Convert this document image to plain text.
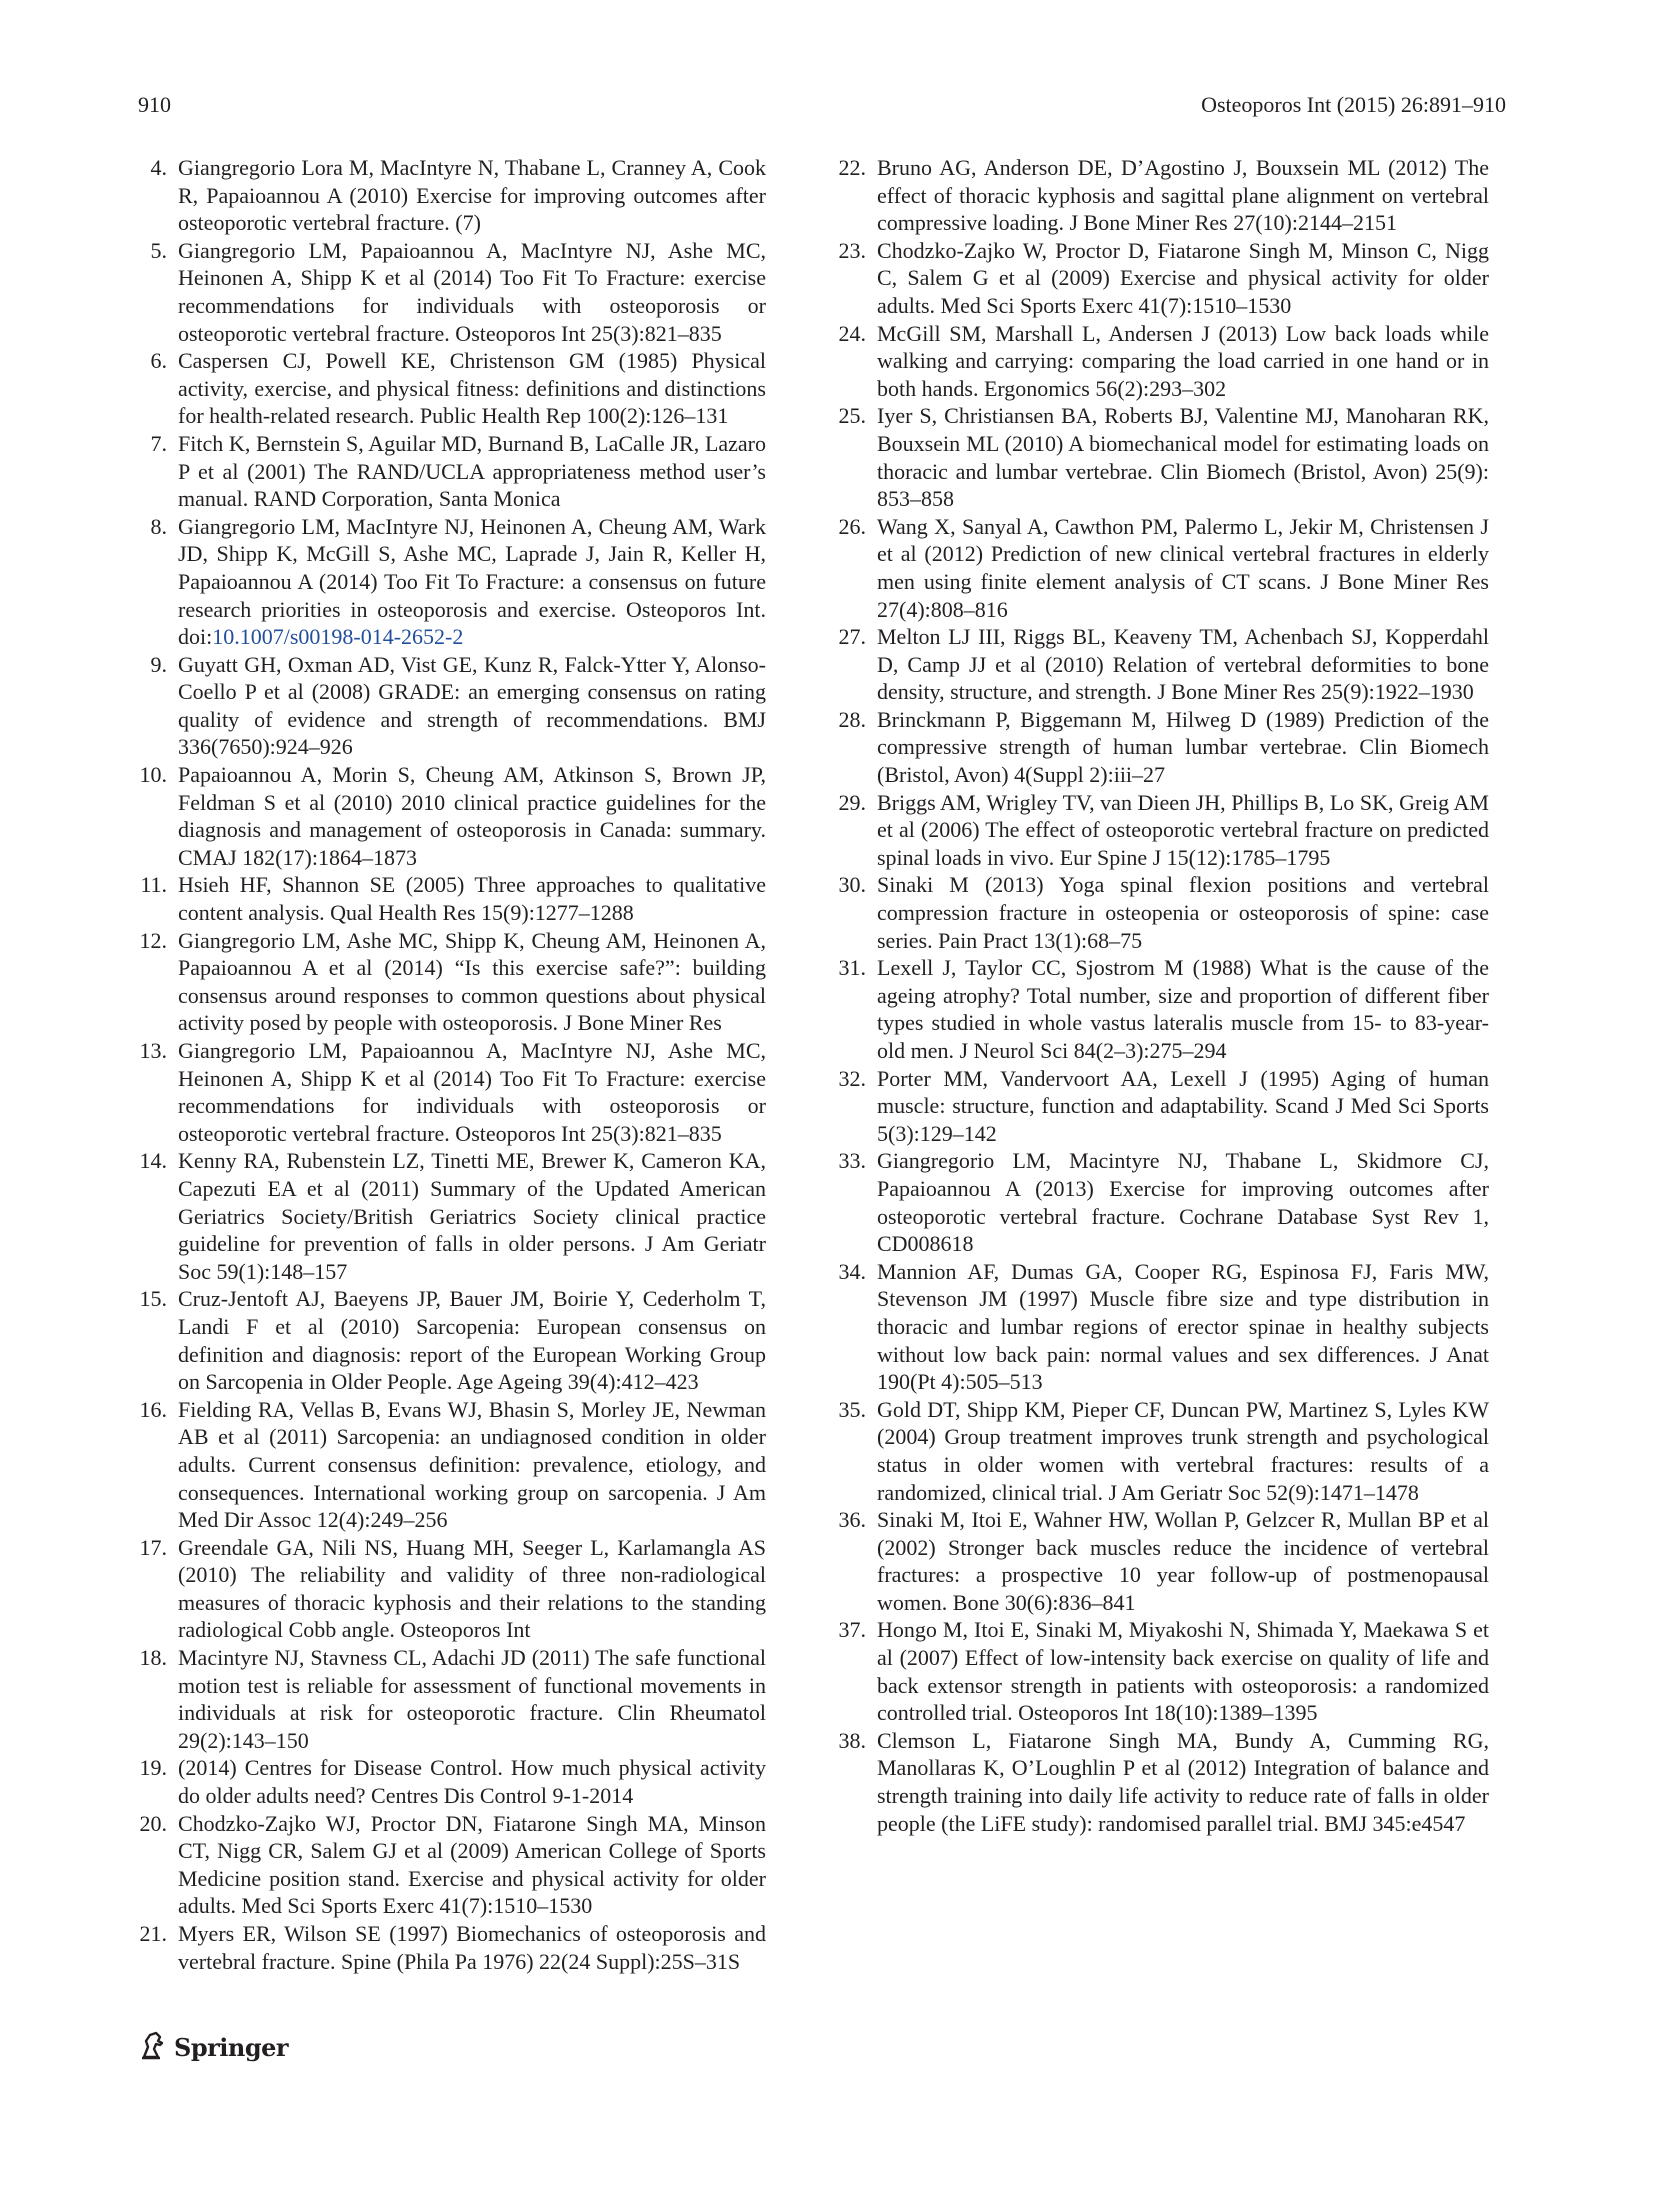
910	Osteoporos Int (2015) 26:891–910
4. Giangregorio Lora M, MacIntyre N, Thabane L, Cranney A, Cook R, Papaioannou A (2010) Exercise for improving outcomes after osteoporotic vertebral fracture. (7)
5. Giangregorio LM, Papaioannou A, MacIntyre NJ, Ashe MC, Heinonen A, Shipp K et al (2014) Too Fit To Fracture: exercise recommendations for individuals with osteoporosis or osteoporotic vertebral fracture. Osteoporos Int 25(3):821–835
6. Caspersen CJ, Powell KE, Christenson GM (1985) Physical activity, exercise, and physical fitness: definitions and distinctions for health-related research. Public Health Rep 100(2):126–131
7. Fitch K, Bernstein S, Aguilar MD, Burnand B, LaCalle JR, Lazaro P et al (2001) The RAND/UCLA appropriateness method user’s manual. RAND Corporation, Santa Monica
8. Giangregorio LM, MacIntyre NJ, Heinonen A, Cheung AM, Wark JD, Shipp K, McGill S, Ashe MC, Laprade J, Jain R, Keller H, Papaioannou A (2014) Too Fit To Fracture: a consensus on future research priorities in osteoporosis and exercise. Osteoporos Int. doi:10.1007/s00198-014-2652-2
9. Guyatt GH, Oxman AD, Vist GE, Kunz R, Falck-Ytter Y, Alonso-Coello P et al (2008) GRADE: an emerging consensus on rating quality of evidence and strength of recommendations. BMJ 336(7650):924–926
10. Papaioannou A, Morin S, Cheung AM, Atkinson S, Brown JP, Feldman S et al (2010) 2010 clinical practice guidelines for the diagnosis and management of osteoporosis in Canada: summary. CMAJ 182(17):1864–1873
11. Hsieh HF, Shannon SE (2005) Three approaches to qualitative content analysis. Qual Health Res 15(9):1277–1288
12. Giangregorio LM, Ashe MC, Shipp K, Cheung AM, Heinonen A, Papaioannou A et al (2014) “Is this exercise safe?”: building consensus around responses to common questions about physical activity posed by people with osteoporosis. J Bone Miner Res
13. Giangregorio LM, Papaioannou A, MacIntyre NJ, Ashe MC, Heinonen A, Shipp K et al (2014) Too Fit To Fracture: exercise recommendations for individuals with osteoporosis or osteoporotic vertebral fracture. Osteoporos Int 25(3):821–835
14. Kenny RA, Rubenstein LZ, Tinetti ME, Brewer K, Cameron KA, Capezuti EA et al (2011) Summary of the Updated American Geriatrics Society/British Geriatrics Society clinical practice guideline for prevention of falls in older persons. J Am Geriatr Soc 59(1):148–157
15. Cruz-Jentoft AJ, Baeyens JP, Bauer JM, Boirie Y, Cederholm T, Landi F et al (2010) Sarcopenia: European consensus on definition and diagnosis: report of the European Working Group on Sarcopenia in Older People. Age Ageing 39(4):412–423
16. Fielding RA, Vellas B, Evans WJ, Bhasin S, Morley JE, Newman AB et al (2011) Sarcopenia: an undiagnosed condition in older adults. Current consensus definition: prevalence, etiology, and consequences. International working group on sarcopenia. J Am Med Dir Assoc 12(4):249–256
17. Greendale GA, Nili NS, Huang MH, Seeger L, Karlamangla AS (2010) The reliability and validity of three non-radiological measures of thoracic kyphosis and their relations to the standing radiological Cobb angle. Osteoporos Int
18. Macintyre NJ, Stavness CL, Adachi JD (2011) The safe functional motion test is reliable for assessment of functional movements in individuals at risk for osteoporotic fracture. Clin Rheumatol 29(2):143–150
19. (2014) Centres for Disease Control. How much physical activity do older adults need? Centres Dis Control 9-1-2014
20. Chodzko-Zajko WJ, Proctor DN, Fiatarone Singh MA, Minson CT, Nigg CR, Salem GJ et al (2009) American College of Sports Medicine position stand. Exercise and physical activity for older adults. Med Sci Sports Exerc 41(7):1510–1530
21. Myers ER, Wilson SE (1997) Biomechanics of osteoporosis and vertebral fracture. Spine (Phila Pa 1976) 22(24 Suppl):25S–31S
22. Bruno AG, Anderson DE, D’Agostino J, Bouxsein ML (2012) The effect of thoracic kyphosis and sagittal plane alignment on vertebral compressive loading. J Bone Miner Res 27(10):2144–2151
23. Chodzko-Zajko W, Proctor D, Fiatarone Singh M, Minson C, Nigg C, Salem G et al (2009) Exercise and physical activity for older adults. Med Sci Sports Exerc 41(7):1510–1530
24. McGill SM, Marshall L, Andersen J (2013) Low back loads while walking and carrying: comparing the load carried in one hand or in both hands. Ergonomics 56(2):293–302
25. Iyer S, Christiansen BA, Roberts BJ, Valentine MJ, Manoharan RK, Bouxsein ML (2010) A biomechanical model for estimating loads on thoracic and lumbar vertebrae. Clin Biomech (Bristol, Avon) 25(9): 853–858
26. Wang X, Sanyal A, Cawthon PM, Palermo L, Jekir M, Christensen J et al (2012) Prediction of new clinical vertebral fractures in elderly men using finite element analysis of CT scans. J Bone Miner Res 27(4):808–816
27. Melton LJ III, Riggs BL, Keaveny TM, Achenbach SJ, Kopperdahl D, Camp JJ et al (2010) Relation of vertebral deformities to bone density, structure, and strength. J Bone Miner Res 25(9):1922–1930
28. Brinckmann P, Biggemann M, Hilweg D (1989) Prediction of the compressive strength of human lumbar vertebrae. Clin Biomech (Bristol, Avon) 4(Suppl 2):iii–27
29. Briggs AM, Wrigley TV, van Dieen JH, Phillips B, Lo SK, Greig AM et al (2006) The effect of osteoporotic vertebral fracture on predicted spinal loads in vivo. Eur Spine J 15(12):1785–1795
30. Sinaki M (2013) Yoga spinal flexion positions and vertebral compression fracture in osteopenia or osteoporosis of spine: case series. Pain Pract 13(1):68–75
31. Lexell J, Taylor CC, Sjostrom M (1988) What is the cause of the ageing atrophy? Total number, size and proportion of different fiber types studied in whole vastus lateralis muscle from 15- to 83-year-old men. J Neurol Sci 84(2–3):275–294
32. Porter MM, Vandervoort AA, Lexell J (1995) Aging of human muscle: structure, function and adaptability. Scand J Med Sci Sports 5(3):129–142
33. Giangregorio LM, Macintyre NJ, Thabane L, Skidmore CJ, Papaioannou A (2013) Exercise for improving outcomes after osteoporotic vertebral fracture. Cochrane Database Syst Rev 1, CD008618
34. Mannion AF, Dumas GA, Cooper RG, Espinosa FJ, Faris MW, Stevenson JM (1997) Muscle fibre size and type distribution in thoracic and lumbar regions of erector spinae in healthy subjects without low back pain: normal values and sex differences. J Anat 190(Pt 4):505–513
35. Gold DT, Shipp KM, Pieper CF, Duncan PW, Martinez S, Lyles KW (2004) Group treatment improves trunk strength and psychological status in older women with vertebral fractures: results of a randomized, clinical trial. J Am Geriatr Soc 52(9):1471–1478
36. Sinaki M, Itoi E, Wahner HW, Wollan P, Gelzcer R, Mullan BP et al (2002) Stronger back muscles reduce the incidence of vertebral fractures: a prospective 10 year follow-up of postmenopausal women. Bone 30(6):836–841
37. Hongo M, Itoi E, Sinaki M, Miyakoshi N, Shimada Y, Maekawa S et al (2007) Effect of low-intensity back exercise on quality of life and back extensor strength in patients with osteoporosis: a randomized controlled trial. Osteoporos Int 18(10):1389–1395
38. Clemson L, Fiatarone Singh MA, Bundy A, Cumming RG, Manollaras K, O’Loughlin P et al (2012) Integration of balance and strength training into daily life activity to reduce rate of falls in older people (the LiFE study): randomised parallel trial. BMJ 345:e4547
Springer
